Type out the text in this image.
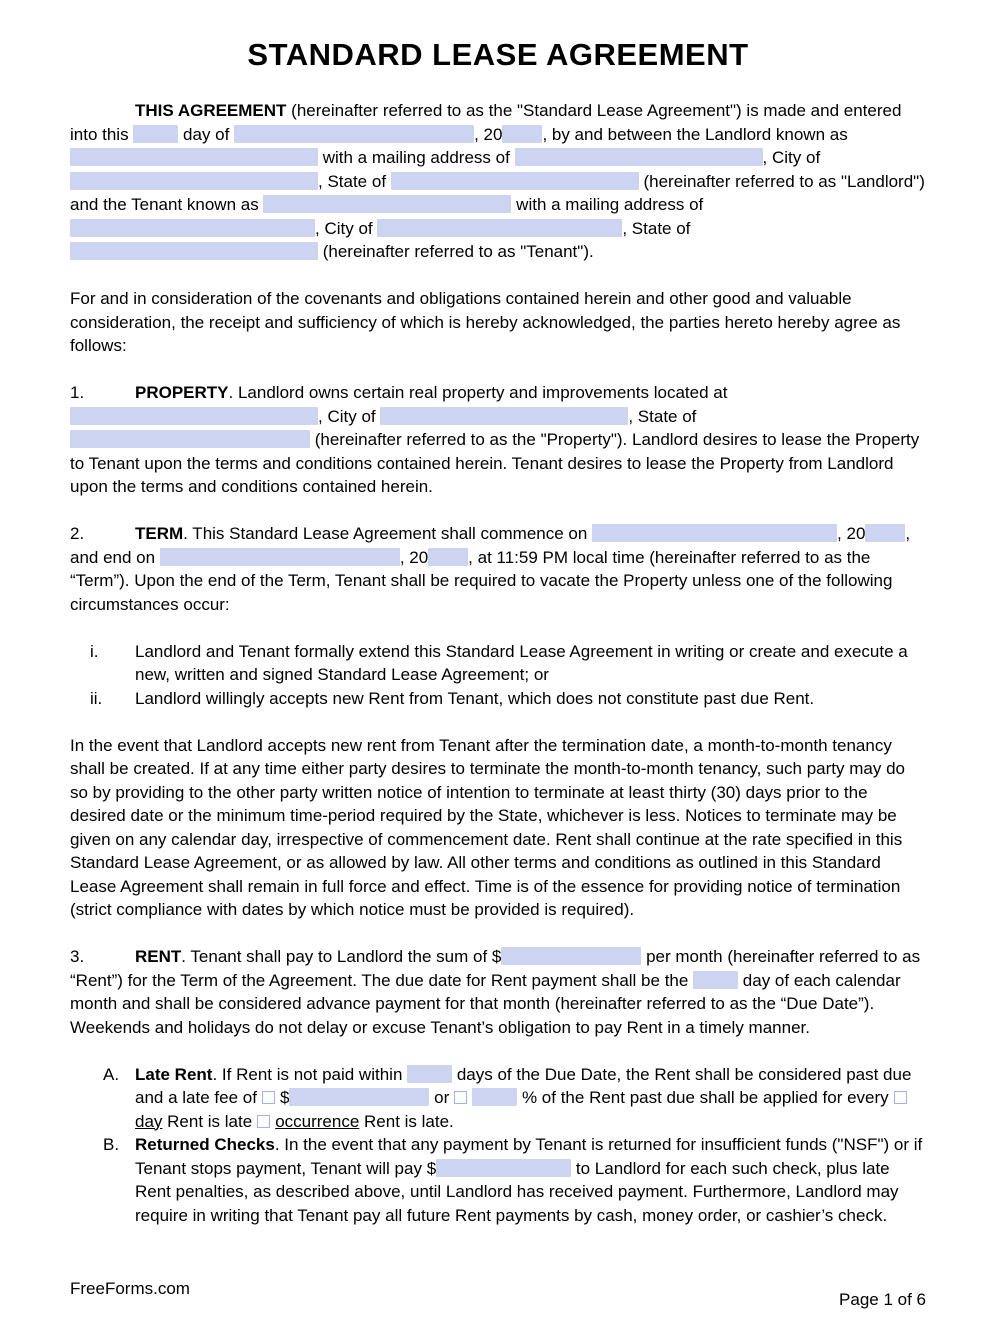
STANDARD LEASE AGREEMENT

THIS AGREEMENT (hereinafter referred to as the "Standard Lease Agreement") is made and entered into this	day of	, 20 , by and between the Landlord known as  with a mailing address of	, City of , State of	(hereinafter referred to as "Landlord") and the Tenant known as	with a mailing address of , City of	, State of  (hereinafter referred to as "Tenant").

For and in consideration of the covenants and obligations contained herein and other good and valuable consideration, the receipt and sufficiency of which is hereby acknowledged, the parties hereto hereby agree as follows:

1.	PROPERTY. Landlord owns certain real property and improvements located at , City of	, State of  (hereinafter referred to as the "Property"). Landlord desires to lease the Property to Tenant upon the terms and conditions contained herein. Tenant desires to lease the Property from Landlord upon the terms and conditions contained herein.

2.	TERM. This Standard Lease Agreement shall commence on	, 20 , and end on	, 20 , at 11:59 PM local time (hereinafter referred to as the “Term”). Upon the end of the Term, Tenant shall be required to vacate the Property unless one of the following circumstances occur:

i.	Landlord and Tenant formally extend this Standard Lease Agreement in writing or create and execute a new, written and signed Standard Lease Agreement; or
ii.	Landlord willingly accepts new Rent from Tenant, which does not constitute past due Rent.

In the event that Landlord accepts new rent from Tenant after the termination date, a month-to-month tenancy shall be created. If at any time either party desires to terminate the month-to-month tenancy, such party may do so by providing to the other party written notice of intention to terminate at least thirty (30) days prior to the desired date or the minimum time-period required by the State, whichever is less. Notices to terminate may be given on any calendar day, irrespective of commencement date. Rent shall continue at the rate specified in this Standard Lease Agreement, or as allowed by law. All other terms and conditions as outlined in this Standard Lease Agreement shall remain in full force and effect. Time is of the essence for providing notice of termination (strict compliance with dates by which notice must be provided is required).

3.	RENT. Tenant shall pay to Landlord the sum of $	per month (hereinafter referred to as “Rent”) for the Term of the Agreement. The due date for Rent payment shall be the	day of each calendar month and shall be considered advance payment for that month (hereinafter referred to as the “Due Date”). Weekends and holidays do not delay or excuse Tenant’s obligation to pay Rent in a timely manner.

A. Late Rent. If Rent is not paid within	days of the Due Date, the Rent shall be considered past due and a late fee of $	or	% of the Rent past due shall be applied for everyday Rent is late occurrence Rent is late.
B. Returned Checks. In the event that any payment by Tenant is returned for insufficient funds ("NSF") or if Tenant stops payment, Tenant will pay $	to Landlord for each such check, plus late Rent penalties, as described above, until Landlord has received payment. Furthermore, Landlord may require in writing that Tenant pay all future Rent payments by cash, money order, or cashier’s check.
FreeForms.com
Page 1 of 6
